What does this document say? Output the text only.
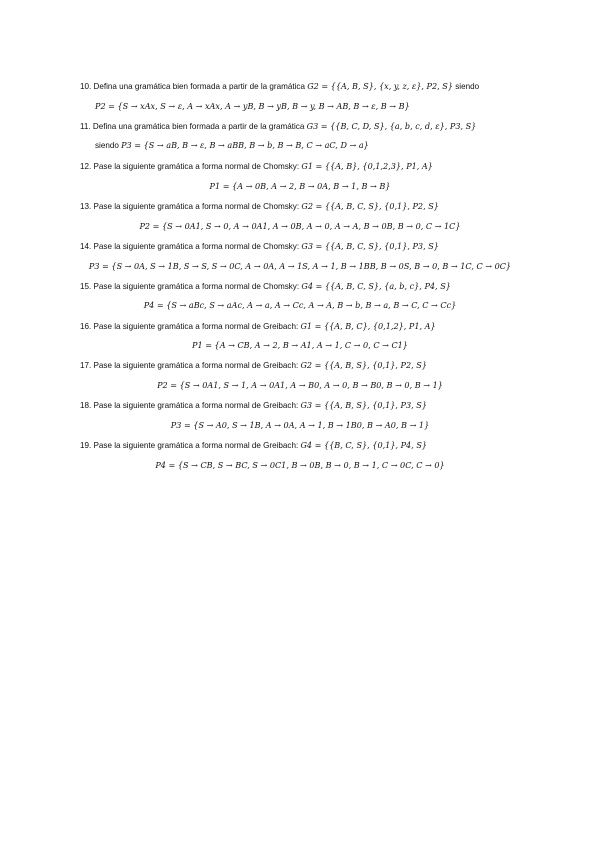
10. Defina una gramática bien formada a partir de la gramática G2 = {{A, B, S}, {x, y, z, ε}, P2, S} siendo
P2 = {S → xAx, S → ε, A → xAx, A → yB, B → yB, B → y, B → AB, B → ε, B → B}
11. Defina una gramática bien formada a partir de la gramática G3 = {{B, C, D, S}, {a, b, c, d, ε}, P3, S}
siendo P3 = {S → aB, B → ε, B → aBB, B → b, B → B, C → aC, D → a}
12. Pase la siguiente gramática a forma normal de Chomsky: G1 = {{A, B}, {0,1,2,3}, P1, A}
P1 = {A → 0B, A → 2, B → 0A, B → 1, B → B}
13. Pase la siguiente gramática a forma normal de Chomsky: G2 = {{A, B, C, S}, {0,1}, P2, S}
P2 = {S → 0A1, S → 0, A → 0A1, A → 0B, A → 0, A → A, B → 0B, B → 0, C → 1C}
14. Pase la siguiente gramática a forma normal de Chomsky: G3 = {{A, B, C, S}, {0,1}, P3, S}
P3 = {S → 0A, S → 1B, S → S, S → 0C, A → 0A, A → 1S, A → 1, B → 1BB, B → 0S, B → 0, B → 1C, C → 0C}
15. Pase la siguiente gramática a forma normal de Chomsky: G4 = {{A, B, C, S}, {a, b, c}, P4, S}
P4 = {S → aBc, S → aAc, A → a, A → Cc, A → A, B → b, B → a, B → C, C → Cc}
16. Pase la siguiente gramática a forma normal de Greibach: G1 = {{A, B, C}, {0,1,2}, P1, A}
P1 = {A → CB, A → 2, B → A1, A → 1, C → 0, C → C1}
17. Pase la siguiente gramática a forma normal de Greibach: G2 = {{A, B, S}, {0,1}, P2, S}
P2 = {S → 0A1, S → 1, A → 0A1, A → B0, A → 0, B → B0, B → 0, B → 1}
18. Pase la siguiente gramática a forma normal de Greibach: G3 = {{A, B, S}, {0,1}, P3, S}
P3 = {S → A0, S → 1B, A → 0A, A → 1, B → 1B0, B → A0, B → 1}
19. Pase la siguiente gramática a forma normal de Greibach: G4 = {{B, C, S}, {0,1}, P4, S}
P4 = {S → CB, S → BC, S → 0C1, B → 0B, B → 0, B → 1, C → 0C, C → 0}
